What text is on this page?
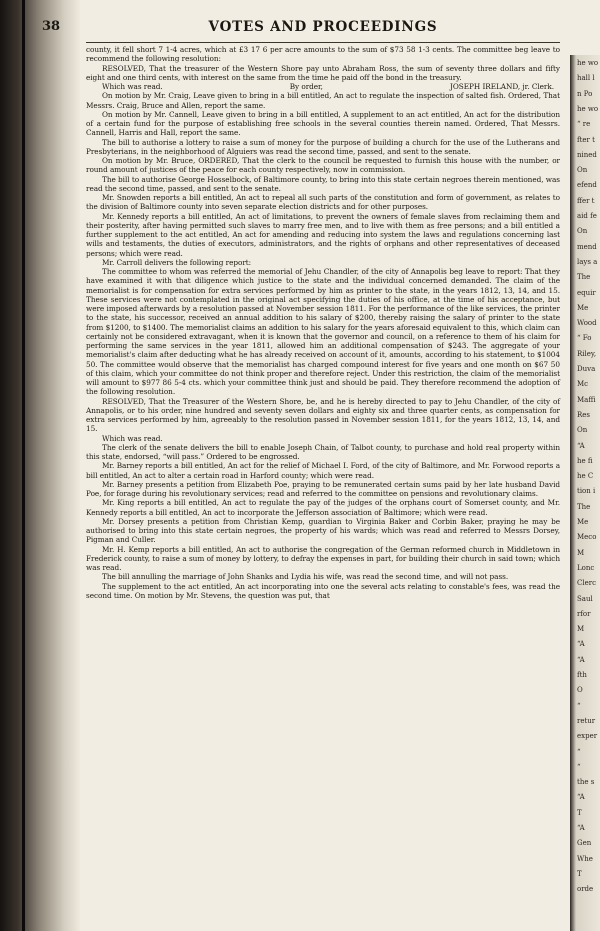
38	VOTES AND PROCEEDINGS

county, it fell short 7 1-4 acres, which at £3 17 6 per acre amounts to the sum of $73 58 1-3 cents. The committee beg leave to recommend the following resolution:

RESOLVED, That the treasurer of the Western Shore pay unto Abraham Ross, the sum of seventy three dollars and fifty eight and one third cents, with interest on the same from the time he paid off the bond in the treasury.

Which was read.	By order,	JOSEPH IRELAND, jr. Clerk.

On motion by Mr. Craig, Leave given to bring in a bill entitled, An act to regulate the inspection of salted fish. Ordered, That Messrs. Craig, Bruce and Allen, report the same.

On motion by Mr. Cannell, Leave given to bring in a bill entitled, A supplement to an act entitled, An act for the distribution of a certain fund for the purpose of establishing free schools in the several counties therein named. Ordered, That Messrs. Cannell, Harris and Hall, report the same.

The bill to authorise a lottery to raise a sum of money for the purpose of building a church for the use of the Lutherans and Presbyterians, in the neighborhood of Alguiers was read the second time, passed, and sent to the senate.

On motion by Mr. Bruce, ORDERED, That the clerk to the council be requested to furnish this house with the number, or round amount of justices of the peace for each county respectively, now in commission.

The bill to authorise George Hosselbock, of Baltimore county, to bring into this state certain negroes therein mentioned, was read the second time, passed, and sent to the senate.

Mr. Snowden reports a bill entitled, An act to repeal all such parts of the constitution and form of government, as relates to the division of Baltimore county into seven separate election districts and for other purposes.

Mr. Kennedy reports a bill entitled, An act of limitations, to prevent the owners of female slaves from reclaiming them and their posterity, after having permitted such slaves to marry free men, and to live with them as free persons; and a bill entitled a further supplement to the act entitled, An act for amending and reducing into system the laws and regulations concerning last wills and testaments, the duties of executors, administrators, and the rights of orphans and other representatives of deceased persons; which were read.

Mr. Carroll delivers the following report:

The committee to whom was referred the memorial of Jehu Chandler, of the city of Annapolis beg leave to report: That they have examined it with that diligence which justice to the state and the individual concerned demanded. The claim of the memorialist is for compensation for extra services performed by him as printer to the state, in the years 1812, 13, 14, and 15. These services were not contemplated in the original act specifying the duties of his office, at the time of his acceptance, but were imposed afterwards by a resolution passed at November session 1811. For the performance of the like services, the printer to the state, his successor, received an annual addition to his salary of $200, thereby raising the salary of printer to the state from $1200, to $1400. The memorialist claims an addition to his salary for the years aforesaid equivalent to this, which claim can certainly not be considered extravagant, when it is known that the governor and council, on a reference to them of his claim for performing the same services in the year 1811, allowed him an additional compensation of $243. The aggregate of your memorialist's claim after deducting what he has already received on account of it, amounts, according to his statement, to $1004 50. The committee would observe that the memorialist has charged compound interest for five years and one month on $67 50 of this claim, which your committee do not think proper and therefore reject. Under this restriction, the claim of the memorialist will amount to $977 86 5-4 cts. which your committee think just and should be paid. They therefore recommend the adoption of the following resolution.

RESOLVED, That the Treasurer of the Western Shore, be, and he is hereby directed to pay to Jehu Chandler, of the city of Annapolis, or to his order, nine hundred and seventy seven dollars and eighty six and three quarter cents, as compensation for extra services performed by him, agreeably to the resolution passed in November session 1811, for the years 1812, 13, 14, and 15.

Which was read.

The clerk of the senate delivers the bill to enable Joseph Chain, of Talbot county, to purchase and hold real property within this state, endorsed, “will pass.” Ordered to be engrossed.

Mr. Barney reports a bill entitled, An act for the relief of Michael I. Ford, of the city of Baltimore, and Mr. Forwood reports a bill entitled, An act to alter a certain road in Harford county; which were read.

Mr. Barney presents a petition from Elizabeth Poe, praying to be remunerated certain sums paid by her late husband David Poe, for forage during his revolutionary services; read and referred to the committee on pensions and revolutionary claims.

Mr. King reports a bill entitled, An act to regulate the pay of the judges of the orphans court of Somerset county, and Mr. Kennedy reports a bill entitled, An act to incorporate the Jefferson association of Baltimore; which were read.

Mr. Dorsey presents a petition from Christian Kemp, guardian to Virginia Baker and Corbin Baker, praying he may be authorised to bring into this state certain negroes, the property of his wards; which was read and referred to Messrs Dorsey, Pigman and Culler.

Mr. H. Kemp reports a bill entitled, An act to authorise the congregation of the German reformed church in Middletown in Frederick county, to raise a sum of money by lottery, to defray the expenses in part, for building their church in said town; which was read.

The bill annulling the marriage of John Shanks and Lydia his wife, was read the second time, and will not pass.

The supplement to the act entitled, An act incorporating into one the several acts relating to constable's fees, was read the second time. On motion by Mr. Stevens, the question was put, that

he wo
hall l
n Po
he wo
“ re
fter t
nined
On
efend
ffer t
aid fe
On
mend
lays a
The
equir
Me
Wood
“ Fo
Riley,
Duva
Mc
Maffi
Res
On
“A
he fi
he C
tion i
The
Me
Meco
M
Lonc
Clerc
Saul
rfor
M
“A
“A
fth
O
“
retur
exper
“
“
the s
“A
T
“A
Gen
Whe
T
orde
